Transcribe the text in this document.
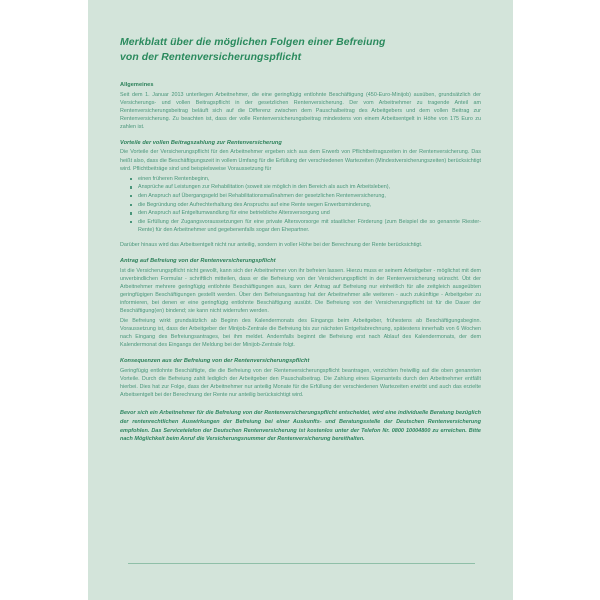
Merkblatt über die möglichen Folgen einer Befreiung
von der Rentenversicherungspflicht
Allgemeines

Seit dem 1. Januar 2013 unterliegen Arbeitnehmer, die eine geringfügig entlohnte Beschäftigung (450-Euro-Minijob) ausüben, grundsätzlich der Versicherungs- und vollen Beitragspflicht in der gesetzlichen Rentenversicherung. Der vom Arbeitnehmer zu tragende Anteil am Rentenversicherungsbeitrag beläuft sich auf die Differenz zwischen dem Pauschalbeitrag des Arbeitgebers und dem vollen Beitrag zur Rentenversicherung. Zu beachten ist, dass der volle Rentenversicherungsbeitrag mindestens von einem Arbeitsentgelt in Höhe von 175 Euro zu zahlen ist.

Vorteile der vollen Beitragszahlung zur Rentenversicherung

Die Vorteile der Versicherungspflicht für den Arbeitnehmer ergeben sich aus dem Erwerb von Pflichtbeitragszeiten in der Rentenversicherung. Das heißt also, dass die Beschäftigungszeit in vollem Umfang für die Erfüllung der verschiedenen Wartezeiten (Mindestversicherungszeiten) berücksichtigt wird. Pflichtbeiträge sind und beispielsweise Voraussetzung für

einen früheren Rentenbeginn,
Ansprüche auf Leistungen zur Rehabilitation (soweit sie möglich in den Bereich als auch im Arbeitsleben),
den Anspruch auf Übergangsgeld bei Rehabilitationsmaßnahmen der gesetzlichen Rentenversicherung,
die Begründung oder Aufrechterhaltung des Anspruchs auf eine Rente wegen Erwerbsminderung,
den Anspruch auf Entgeltumwandlung für eine betriebliche Altersversorgung und
die Erfüllung der Zugangsvoraussetzungen für eine private Altersvorsorge mit staatlicher Förderung (zum Beispiel die so genannte Riester-Rente) für den Arbeitnehmer und gegebenenfalls sogar den Ehepartner.

Darüber hinaus wird das Arbeitsentgelt nicht nur anteilig, sondern in voller Höhe bei der Berechnung der Rente berücksichtigt.

Antrag auf Befreiung von der Rentenversicherungspflicht

Ist die Versicherungspflicht nicht gewollt, kann sich der Arbeitnehmer von ihr befreien lassen. Hierzu muss er seinem Arbeitgeber - möglichst mit dem unverbindlichen Formular - schriftlich mitteilen, dass er die Befreiung von der Versicherungspflicht in der Rentenversicherung wünscht. Übt der Arbeitnehmer mehrere geringfügig entlohnte Beschäftigungen aus, kann der Antrag auf Befreiung nur einheitlich für alle zeitgleich ausgeübten geringfügigen Beschäftigungen gestellt werden. Über den Befreiungsantrag hat der Arbeitnehmer alle weiteren - auch zukünftige - Arbeitgeber zu informieren, bei denen er eine geringfügig entlohnte Beschäftigung ausübt. Die Befreiung von der Versicherungspflicht ist für die Dauer der Beschäftigung(en) bindend; sie kann nicht widerrufen werden.

Die Befreiung wirkt grundsätzlich ab Beginn des Kalendermonats des Eingangs beim Arbeitgeber, frühestens ab Beschäftigungsbeginn. Voraussetzung ist, dass der Arbeitgeber der Minijob-Zentrale die Befreiung bis zur nächsten Entgeltabrechnung, spätestens innerhalb von 6 Wochen nach Eingang des Befreiungsantrages, bei ihm meldet. Andernfalls beginnt die Befreiung erst nach Ablauf des Kalendermonats, der dem Kalendermonat des Eingangs der Meldung bei der Minijob-Zentrale folgt.

Konsequenzen aus der Befreiung von der Rentenversicherungspflicht

Geringfügig entlohnte Beschäftigte, die die Befreiung von der Rentenversicherungspflicht beantragen, verzichten freiwillig auf die oben genannten Vorteile. Durch die Befreiung zahlt lediglich der Arbeitgeber den Pauschalbeitrag. Die Zahlung eines Eigenanteils durch den Arbeitnehmer entfällt hierbei. Dies hat zur Folge, dass der Arbeitnehmer nur anteilig Monate für die Erfüllung der verschiedenen Wartezeiten erwirbt und auch das erzielte Arbeitsentgelt bei der Berechnung der Rente nur anteilig berücksichtigt wird.

Bevor sich ein Arbeitnehmer für die Befreiung von der Rentenversicherungspflicht entscheidet, wird eine individuelle Beratung bezüglich der rentenrechtlichen Auswirkungen der Befreiung bei einer Auskunfts- und Beratungsstelle der Deutschen Rentenversicherung empfohlen. Das Servicetelefon der Deutschen Rentenversicherung ist kostenlos unter der Telefon Nr. 0800 10004800 zu erreichen. Bitte nach Möglichkeit beim Anruf die Versicherungsnummer der Rentenversicherung bereithalten.
